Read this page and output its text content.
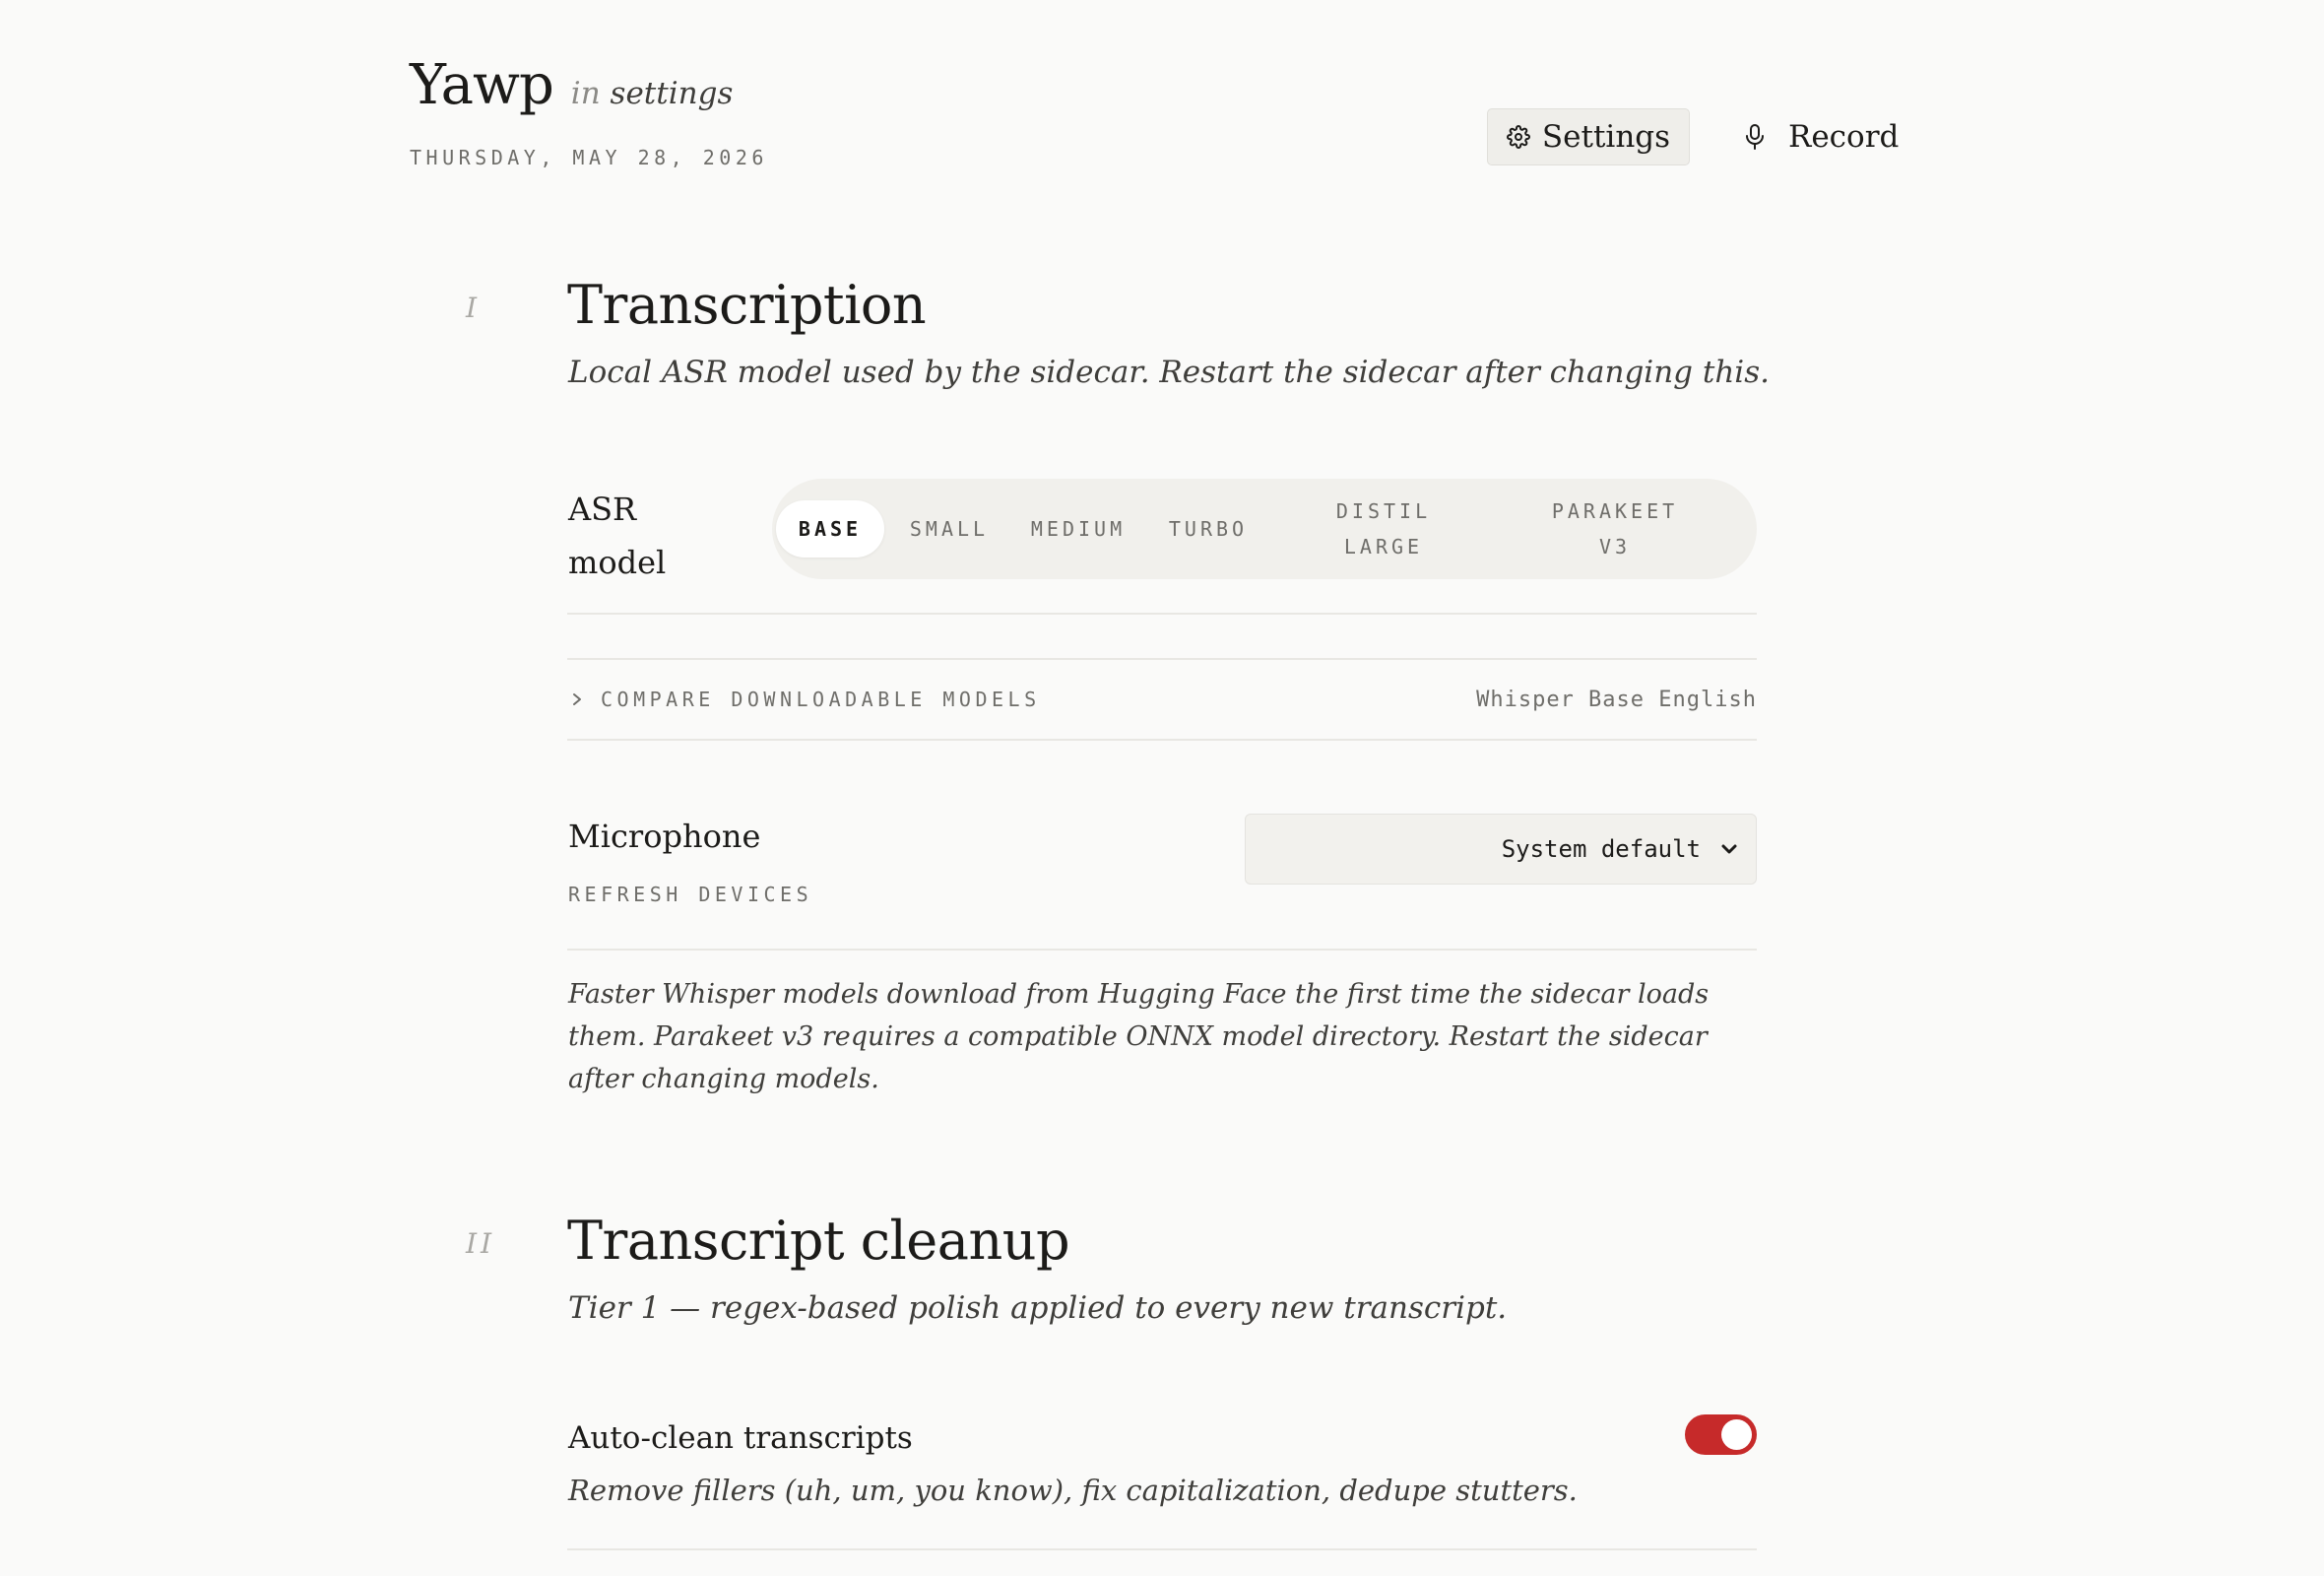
Yawp in settings
THURSDAY, MAY 28, 2026
Settings	Record
I Transcription
Local ASR model used by the sidecar. Restart the sidecar after changing this.
ASR
model
BASE	SMALL	MEDIUM	TURBO
DISTIL
LARGE
PARAKEET
V3
COMPARE DOWNLOADABLE MODELS	Whisper Base English
Microphone
REFRESH DEVICES
System default
Faster Whisper models download from Hugging Face the first time the sidecar loads them. Parakeet v3 requires a compatible ONNX model directory. Restart the sidecar after changing models.
II Transcript cleanup
Tier 1 — regex-based polish applied to every new transcript.
Auto-clean transcripts
Remove fillers (uh, um, you know), fix capitalization, dedupe stutters.
